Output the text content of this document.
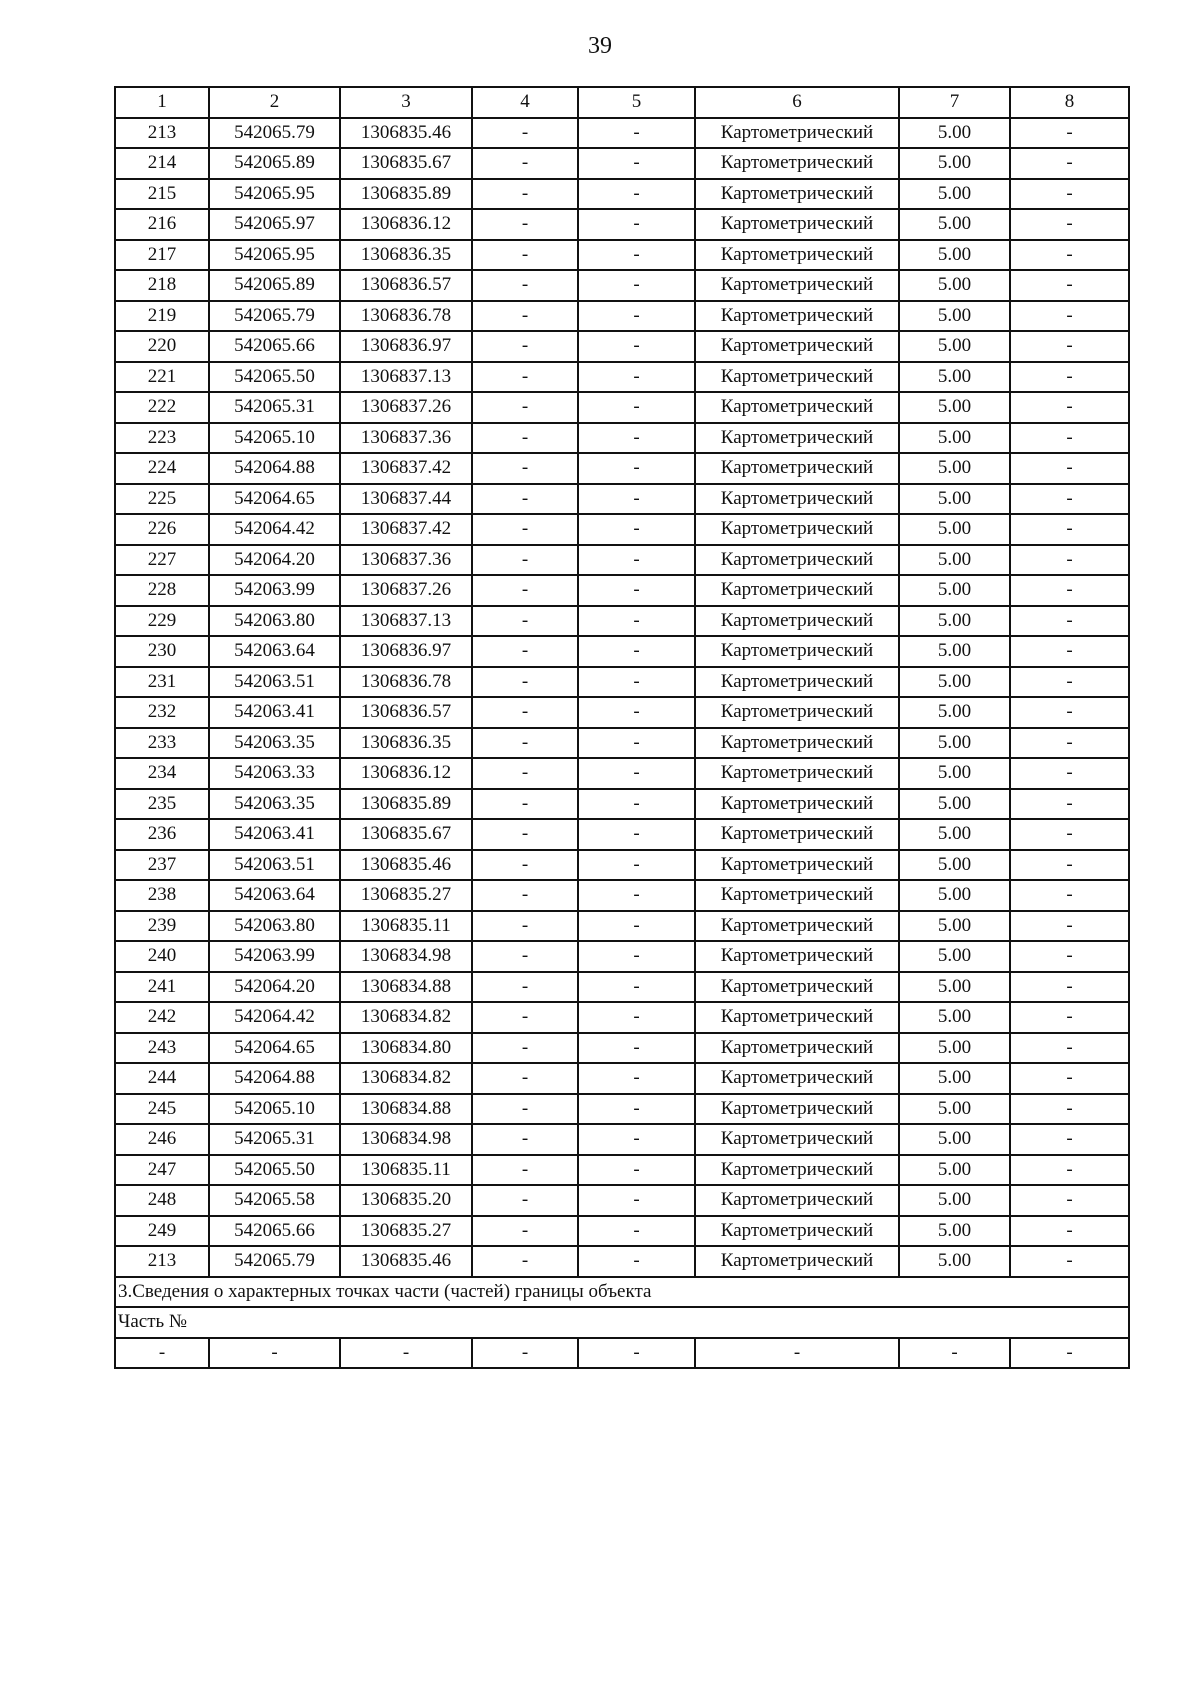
39
1	2	3	4	5	6	7	8
213	542065.79	1306835.46	-	-	Картометрический	5.00	-
214	542065.89	1306835.67	-	-	Картометрический	5.00	-
215	542065.95	1306835.89	-	-	Картометрический	5.00	-
216	542065.97	1306836.12	-	-	Картометрический	5.00	-
217	542065.95	1306836.35	-	-	Картометрический	5.00	-
218	542065.89	1306836.57	-	-	Картометрический	5.00	-
219	542065.79	1306836.78	-	-	Картометрический	5.00	-
220	542065.66	1306836.97	-	-	Картометрический	5.00	-
221	542065.50	1306837.13	-	-	Картометрический	5.00	-
222	542065.31	1306837.26	-	-	Картометрический	5.00	-
223	542065.10	1306837.36	-	-	Картометрический	5.00	-
224	542064.88	1306837.42	-	-	Картометрический	5.00	-
225	542064.65	1306837.44	-	-	Картометрический	5.00	-
226	542064.42	1306837.42	-	-	Картометрический	5.00	-
227	542064.20	1306837.36	-	-	Картометрический	5.00	-
228	542063.99	1306837.26	-	-	Картометрический	5.00	-
229	542063.80	1306837.13	-	-	Картометрический	5.00	-
230	542063.64	1306836.97	-	-	Картометрический	5.00	-
231	542063.51	1306836.78	-	-	Картометрический	5.00	-
232	542063.41	1306836.57	-	-	Картометрический	5.00	-
233	542063.35	1306836.35	-	-	Картометрический	5.00	-
234	542063.33	1306836.12	-	-	Картометрический	5.00	-
235	542063.35	1306835.89	-	-	Картометрический	5.00	-
236	542063.41	1306835.67	-	-	Картометрический	5.00	-
237	542063.51	1306835.46	-	-	Картометрический	5.00	-
238	542063.64	1306835.27	-	-	Картометрический	5.00	-
239	542063.80	1306835.11	-	-	Картометрический	5.00	-
240	542063.99	1306834.98	-	-	Картометрический	5.00	-
241	542064.20	1306834.88	-	-	Картометрический	5.00	-
242	542064.42	1306834.82	-	-	Картометрический	5.00	-
243	542064.65	1306834.80	-	-	Картометрический	5.00	-
244	542064.88	1306834.82	-	-	Картометрический	5.00	-
245	542065.10	1306834.88	-	-	Картометрический	5.00	-
246	542065.31	1306834.98	-	-	Картометрический	5.00	-
247	542065.50	1306835.11	-	-	Картометрический	5.00	-
248	542065.58	1306835.20	-	-	Картометрический	5.00	-
249	542065.66	1306835.27	-	-	Картометрический	5.00	-
213	542065.79	1306835.46	-	-	Картометрический	5.00	-
3.Сведения о характерных точках части (частей) границы объекта							
Часть №							
-	-	-	-	-	-	-	-
